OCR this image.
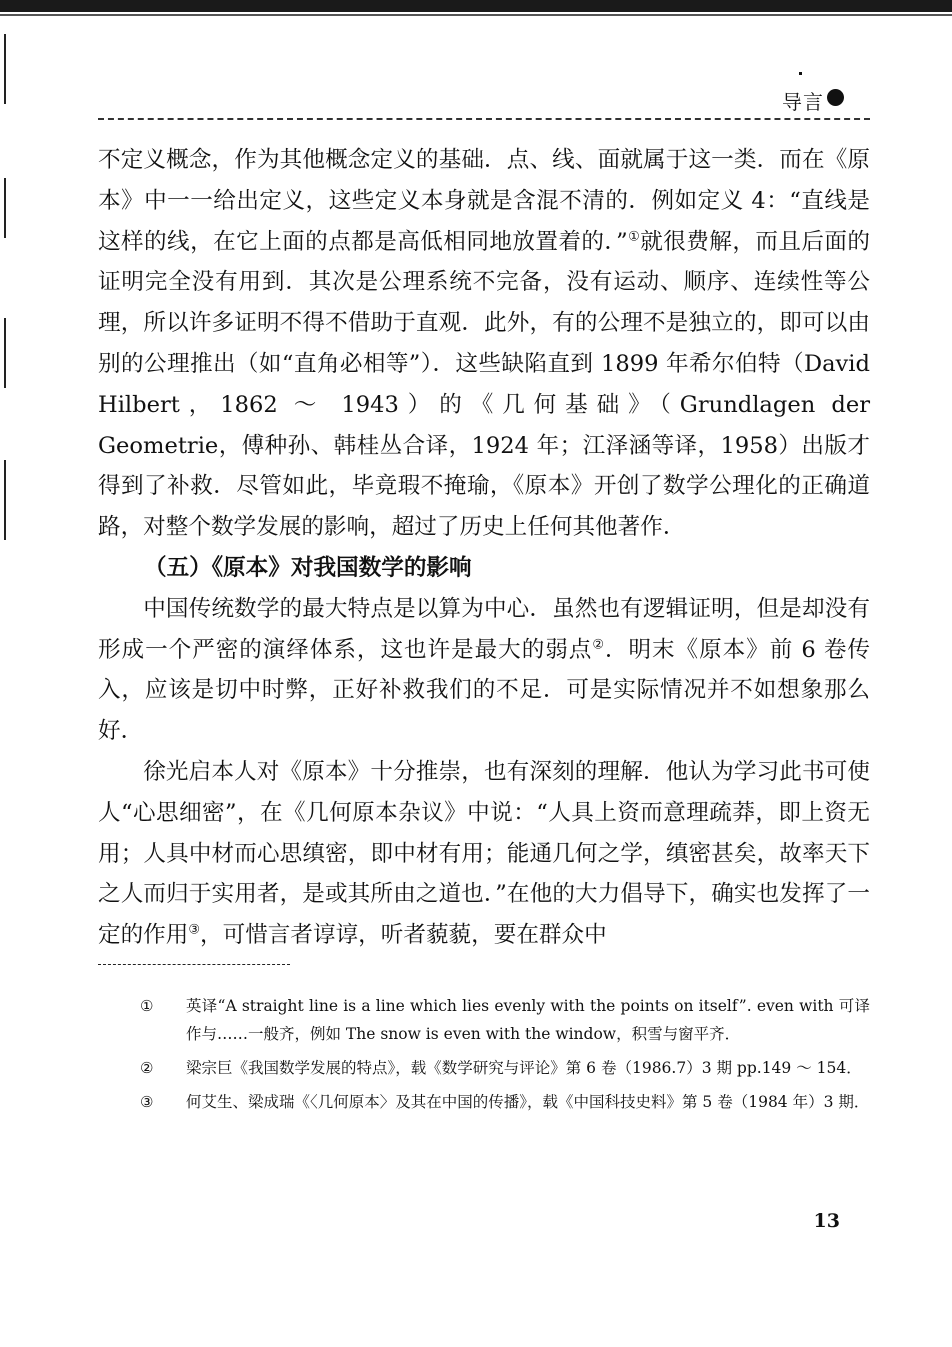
导言

不定义概念，作为其他概念定义的基础．点、线、面就属于这一类．而在《原本》中一一给出定义，这些定义本身就是含混不清的．例如定义 4：“直线是这样的线，在它上面的点都是高低相同地放置着的．”①就很费解，而且后面的证明完全没有用到．其次是公理系统不完备，没有运动、顺序、连续性等公理，所以许多证明不得不借助于直观．此外，有的公理不是独立的，即可以由别的公理推出（如“直角必相等”）．这些缺陷直到 1899 年希尔伯特（David Hilbert，1862 ～ 1943）的《几何基础》（Grundlagen der Geometrie，傅种孙、韩桂丛合译，1924 年；江泽涵等译，1958）出版才得到了补救．尽管如此，毕竟瑕不掩瑜，《原本》开创了数学公理化的正确道路，对整个数学发展的影响，超过了历史上任何其他著作．

（五）《原本》对我国数学的影响

中国传统数学的最大特点是以算为中心．虽然也有逻辑证明，但是却没有形成一个严密的演绎体系，这也许是最大的弱点②．明末《原本》前 6 卷传入，应该是切中时弊，正好补救我们的不足．可是实际情况并不如想象那么好．

徐光启本人对《原本》十分推崇，也有深刻的理解．他认为学习此书可使人“心思细密”，在《几何原本杂议》中说：“人具上资而意理疏莽，即上资无用；人具中材而心思缜密，即中材有用；能通几何之学，缜密甚矣，故率天下之人而归于实用者，是或其所由之道也．”在他的大力倡导下，确实也发挥了一定的作用③，可惜言者谆谆，听者藐藐，要在群众中

①	英译“A straight line is a line which lies evenly with the points on itself”. even with 可译作与……一般齐，例如 The snow is even with the window，积雪与窗平齐．
②	梁宗巨《我国数学发展的特点》，载《数学研究与评论》第 6 卷（1986.7）3 期 pp.149 ～ 154．
③	何艾生、梁成瑞《〈几何原本〉及其在中国的传播》，载《中国科技史料》第 5 卷（1984 年）3 期．
13
